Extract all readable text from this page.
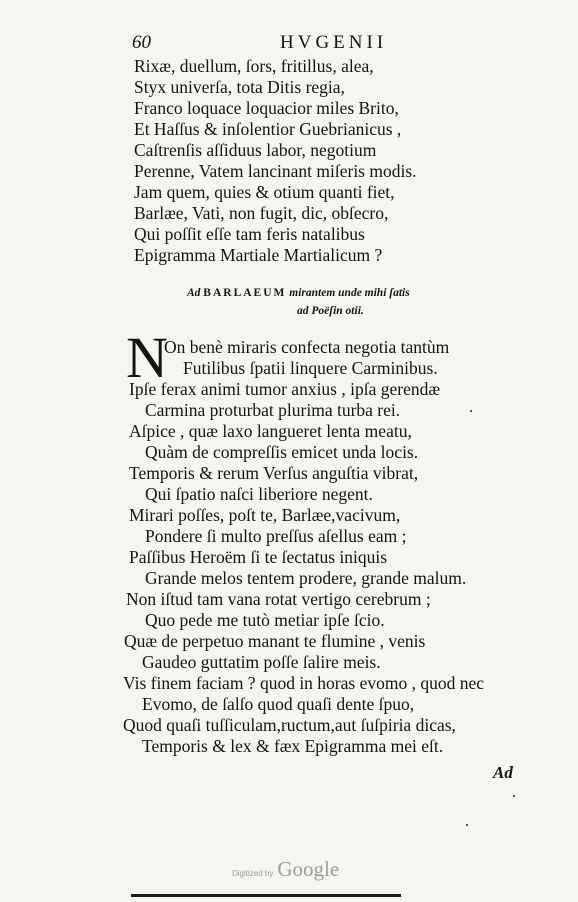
60	HVGENII
Rixæ, duellum, ſors, fritillus, alea,
Styx univerſa, tota Ditis regia,
Franco loquace loquacior miles Brito,
Et Haſſus & inſolentior Guebrianicus ,
Caſtrenſis aſſiduus labor, negotium
Perenne, Vatem lancinant miſeris modis.
Jam quem, quies & otium quanti fiet,
Barlæe, Vati, non fugit, dic, obſecro,
Qui poſſit eſſe tam feris natalibus
Epigramma Martiale Martialicum ?
Ad BARLAEUM mirantem unde mihi ſatis
ad Poëſin otii.
N
On benè miraris confecta negotia tantùm
Futilibus ſpatii linquere Carminibus.
Ipſe ferax animi tumor anxius , ipſa gerendæ
Carmina proturbat plurima turba rei.
Aſpice , quæ laxo langueret lenta meatu,
Quàm de compreſſis emicet unda locis.
Temporis & rerum Verſus anguſtia vibrat,
Qui ſpatio naſci liberiore negent.
Mirari poſſes, poſt te, Barlæe,vacivum,
Pondere ſi multo preſſus aſellus eam ;
Paſſibus Heroëm ſi te ſectatus iniquis
Grande melos tentem prodere, grande malum.
Non iſtud tam vana rotat vertigo cerebrum ;
Quo pede me tutò metiar ipſe ſcio.
Quæ de perpetuo manant te flumine , venis
Gaudeo guttatim poſſe ſalire meis.
Vis finem faciam ? quod in horas evomo , quod nec
Evomo, de ſalſo quod quaſi dente ſpuo,
Quod quaſi tuſſiculam,ructum,aut ſuſpiria dicas,
Temporis & lex & fæx Epigramma mei eſt.
Ad
Digitized by Google
